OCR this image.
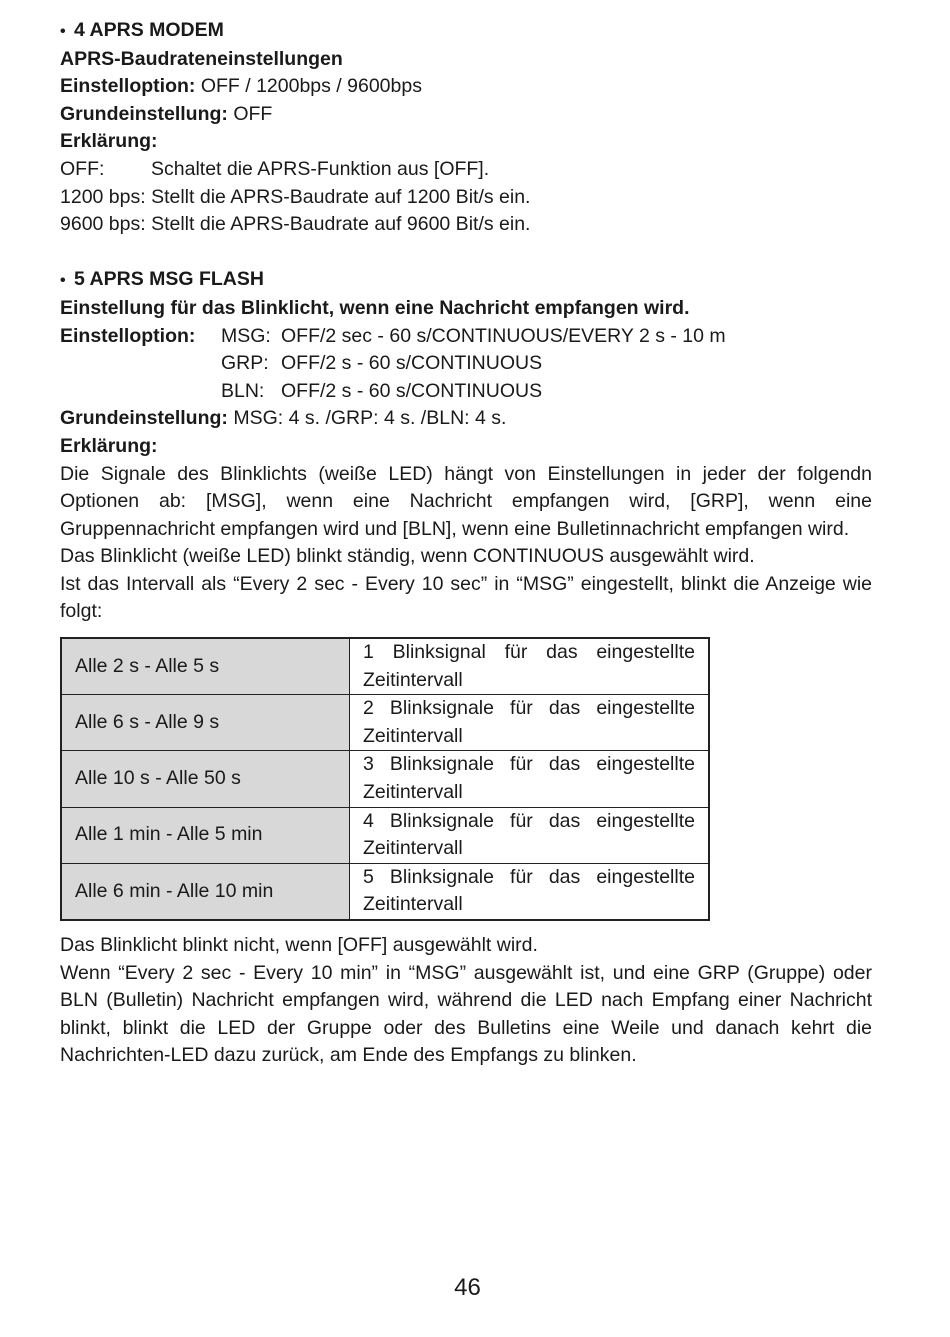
• 4 APRS MODEM
APRS-Baudrateneinstellungen
Einstelloption: OFF / 1200bps / 9600bps
Grundeinstellung: OFF
Erklärung:
OFF: Schaltet die APRS-Funktion aus [OFF].
1200 bps: Stellt die APRS-Baudrate auf 1200 Bit/s ein.
9600 bps: Stellt die APRS-Baudrate auf 9600 Bit/s ein.
• 5 APRS MSG FLASH
Einstellung für das Blinklicht, wenn eine Nachricht empfangen wird.
Einstelloption: MSG: OFF/2 sec - 60 s/CONTINUOUS/EVERY 2 s - 10 m
GRP: OFF/2 s - 60 s/CONTINUOUS
BLN: OFF/2 s - 60 s/CONTINUOUS
Grundeinstellung: MSG: 4 s. /GRP: 4 s. /BLN: 4 s.
Erklärung:
Die Signale des Blinklichts (weiße LED) hängt von Einstellungen in jeder der folgendn Optionen ab: [MSG], wenn eine Nachricht empfangen wird, [GRP], wenn eine Gruppennachricht empfangen wird und [BLN], wenn eine Bulletinnachricht empfangen wird.
Das Blinklicht (weiße LED) blinkt ständig, wenn CONTINUOUS ausgewählt wird.
Ist das Intervall als “Every 2 sec - Every 10 sec” in “MSG” eingestellt, blinkt die Anzeige wie folgt:
Alle 2 s - Alle 5 s	1 Blinksignal für das eingestellte
Zeitintervall
Alle 6 s - Alle 9 s	2 Blinksignale für das eingestellte
Zeitintervall
Alle 10 s - Alle 50 s	3 Blinksignale für das eingestellte
Zeitintervall
Alle 1 min - Alle 5 min	4 Blinksignale für das eingestellte
Zeitintervall
Alle 6 min - Alle 10 min	5 Blinksignale für das eingestellte
Zeitintervall
Das Blinklicht blinkt nicht, wenn [OFF] ausgewählt wird.
Wenn “Every 2 sec - Every 10 min” in “MSG” ausgewählt ist, und eine GRP (Gruppe) oder BLN (Bulletin) Nachricht empfangen wird, während die LED nach Empfang einer Nachricht blinkt, blinkt die LED der Gruppe oder des Bulletins eine Weile und danach kehrt die Nachrichten-LED dazu zurück, am Ende des Empfangs zu blinken.
46
